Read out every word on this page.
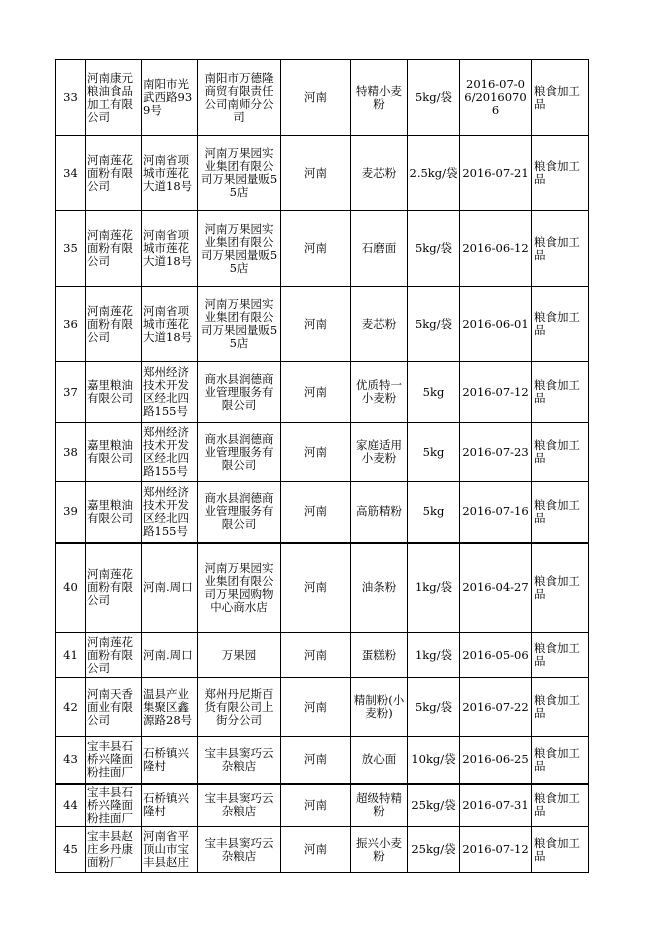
33	河南康元粮油食品加工有限公司	南阳市光武西路939号	南阳市万德隆商贸有限责任公司南师分公司	河南	特精小麦粉	5kg/袋	2016-07-06/20160706	粮食加工品
34	河南莲花面粉有限公司	河南省项城市莲花大道18号	河南万果园实业集团有限公司万果园量贩55店	河南	麦芯粉	2.5kg/袋	2016-07-21	粮食加工品
35	河南莲花面粉有限公司	河南省项城市莲花大道18号	河南万果园实业集团有限公司万果园量贩55店	河南	石磨面	5kg/袋	2016-06-12	粮食加工品
36	河南莲花面粉有限公司	河南省项城市莲花大道18号	河南万果园实业集团有限公司万果园量贩55店	河南	麦芯粉	5kg/袋	2016-06-01	粮食加工品
37	嘉里粮油有限公司	郑州经济技术开发区经北四路155号	商水县润德商业管理服务有限公司	河南	优质特一小麦粉	5kg	2016-07-12	粮食加工品
38	嘉里粮油有限公司	郑州经济技术开发区经北四路155号	商水县润德商业管理服务有限公司	河南	家庭适用小麦粉	5kg	2016-07-23	粮食加工品
39	嘉里粮油有限公司	郑州经济技术开发区经北四路155号	商水县润德商业管理服务有限公司	河南	高筋精粉	5kg	2016-07-16	粮食加工品
40	河南莲花面粉有限公司	河南.周口	河南万果园实业集团有限公司万果园购物中心商水店	河南	油条粉	1kg/袋	2016-04-27	粮食加工品
41	河南莲花面粉有限公司	河南.周口	万果园	河南	蛋糕粉	1kg/袋	2016-05-06	粮食加工品
42	河南天香面业有限公司	温县产业集聚区鑫源路28号	郑州丹尼斯百货有限公司上街分公司	河南	精制粉(小麦粉)	5kg/袋	2016-07-22	粮食加工品
43	宝丰县石桥兴隆面粉挂面厂	石桥镇兴隆村	宝丰县窦巧云杂粮店	河南	放心面	10kg/袋	2016-06-25	粮食加工品
44	宝丰县石桥兴隆面粉挂面厂	石桥镇兴隆村	宝丰县窦巧云杂粮店	河南	超级特精粉	25kg/袋	2016-07-31	粮食加工品
45	宝丰县赵庄乡丹康面粉厂	河南省平顶山市宝丰县赵庄	宝丰县窦巧云杂粮店	河南	振兴小麦粉	25kg/袋	2016-07-12	粮食加工品
